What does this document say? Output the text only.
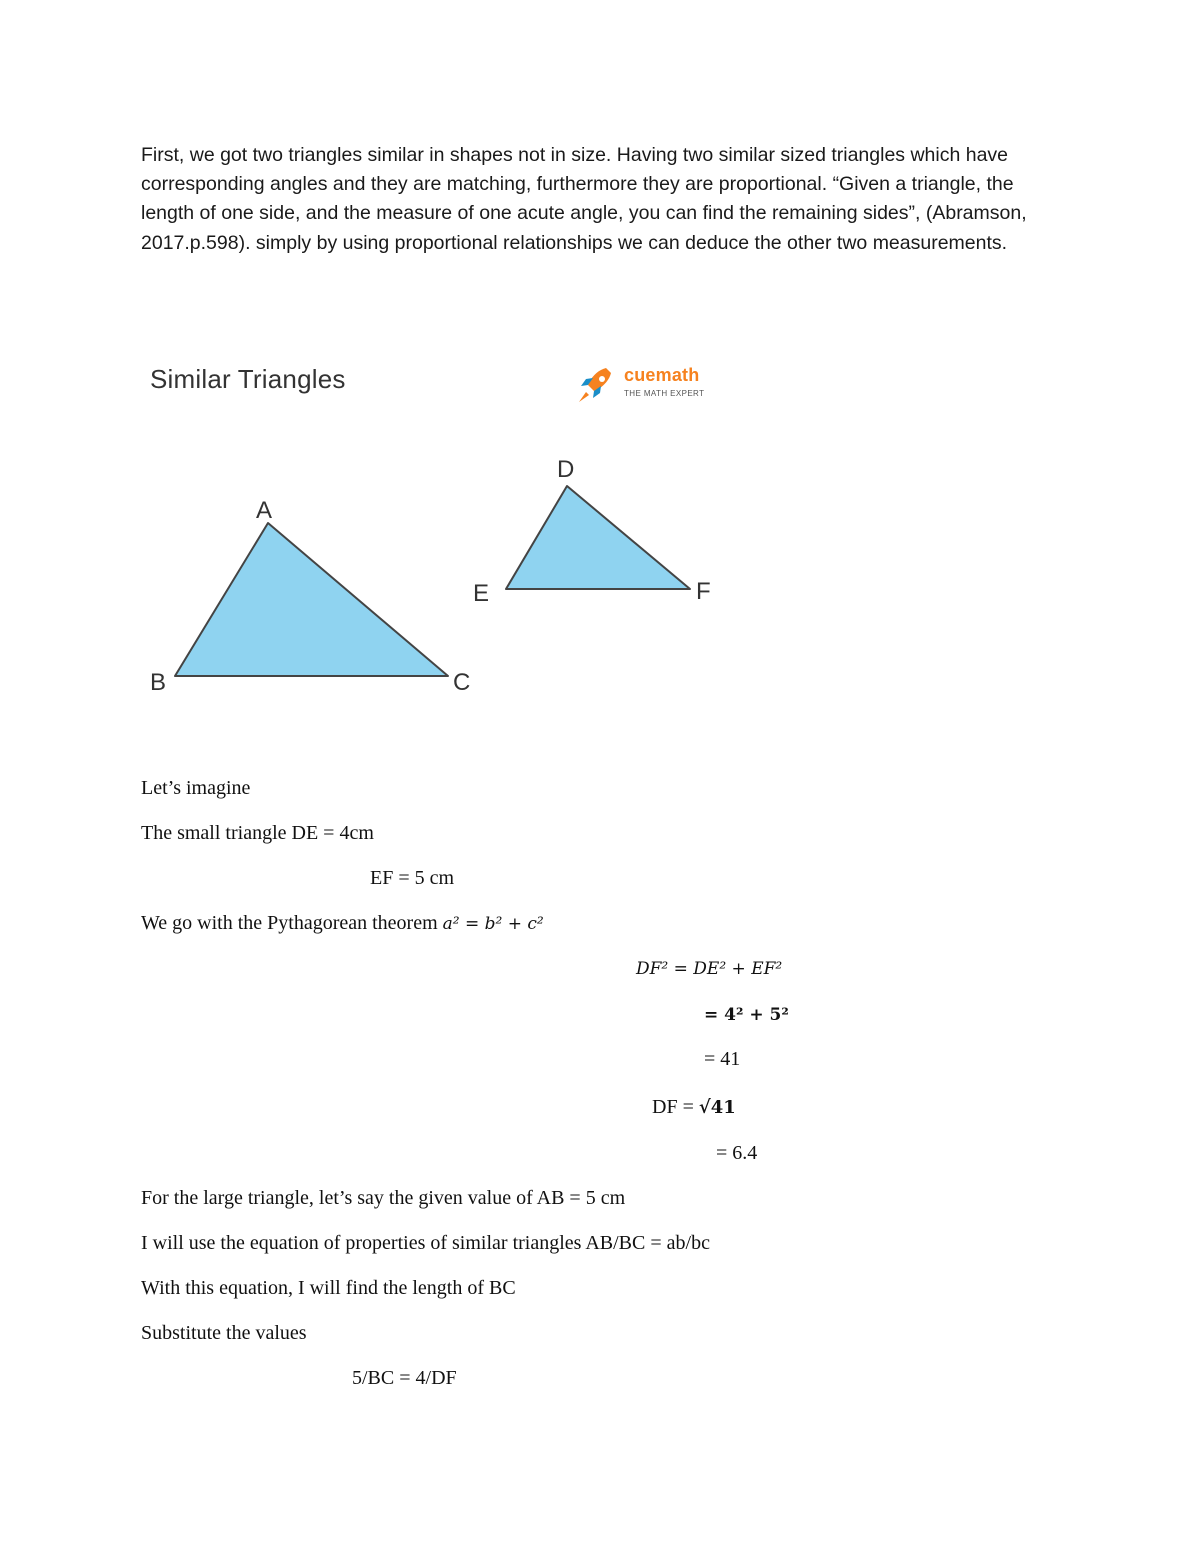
First, we got two triangles similar in shapes not in size. Having two similar sized triangles which have corresponding angles and they are matching, furthermore they are proportional. “Given a triangle, the length of one side, and the measure of one acute angle, you can find the remaining sides”, (Abramson, 2017.p.598). simply by using proportional relationships we can deduce the other two measurements.

Similar Triangles	cuemath
THE MATH EXPERT
A
B	C
D
E	F
Let’s imagine
The small triangle DE = 4cm
EF = 5 cm
We go with the Pythagorean theorem a² = b² + c²
DF² = DE² + EF²
= 4² + 5²
= 41
DF = √41
= 6.4
For the large triangle, let’s say the given value of AB = 5 cm
I will use the equation of properties of similar triangles AB/BC = ab/bc
With this equation, I will find the length of BC
Substitute the values
5/BC = 4/DF
